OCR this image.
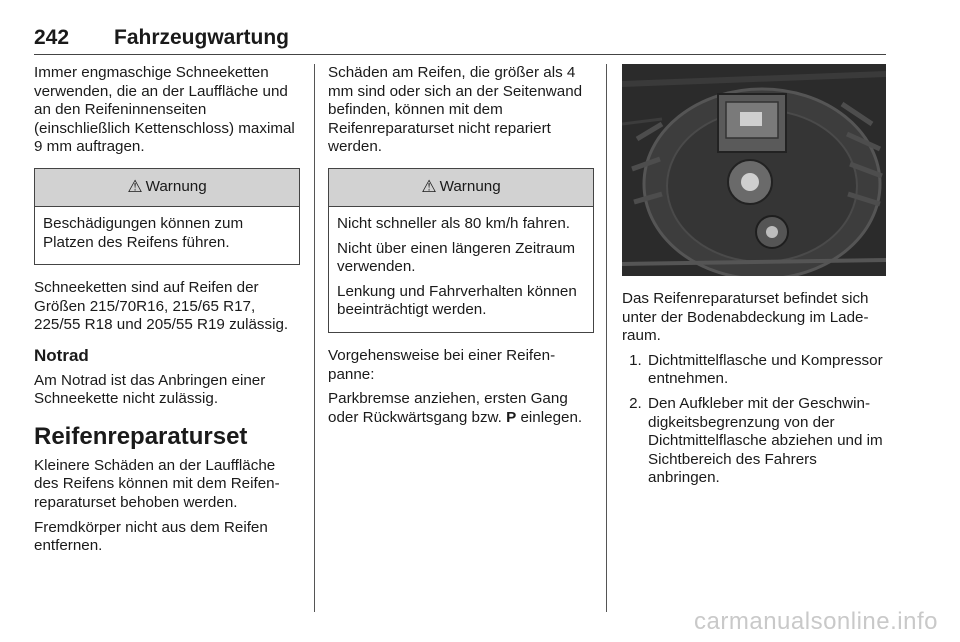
242 Fahrzeugwartung

Immer engmaschige Schneeketten verwenden, die an der Lauffläche und an den Reifeninnenseiten (einschließlich Kettenschloss) maximal 9 mm auftragen.

⚠ Warnung

Beschädigungen können zum Platzen des Reifens führen.

Schneeketten sind auf Reifen der Größen 215/70R16, 215/65 R17, 225/55 R18 und 205/55 R19 zulässig.

Notrad

Am Notrad ist das Anbringen einer Schneekette nicht zulässig.

Reifenreparaturset

Kleinere Schäden an der Lauffläche des Reifens können mit dem Reifenreparaturset behoben werden.

Fremdkörper nicht aus dem Reifen entfernen.

Schäden am Reifen, die größer als 4 mm sind oder sich an der Seitenwand befinden, können mit dem Reifenreparaturset nicht repariert werden.

⚠ Warnung

Nicht schneller als 80 km/h fahren.

Nicht über einen längeren Zeitraum verwenden.

Lenkung und Fahrverhalten können beeinträchtigt werden.

Vorgehensweise bei einer Reifenpanne:

Parkbremse anziehen, ersten Gang oder Rückwärtsgang bzw. P einlegen.

Das Reifenreparaturset befindet sich unter der Bodenabdeckung im Laderaum.

1. Dichtmittelflasche und Kompressor entnehmen.
2. Den Aufkleber mit der Geschwindigkeitsbegrenzung von der Dichtmittelflasche abziehen und im Sichtbereich des Fahrers anbringen.
carmanualsonline.info
